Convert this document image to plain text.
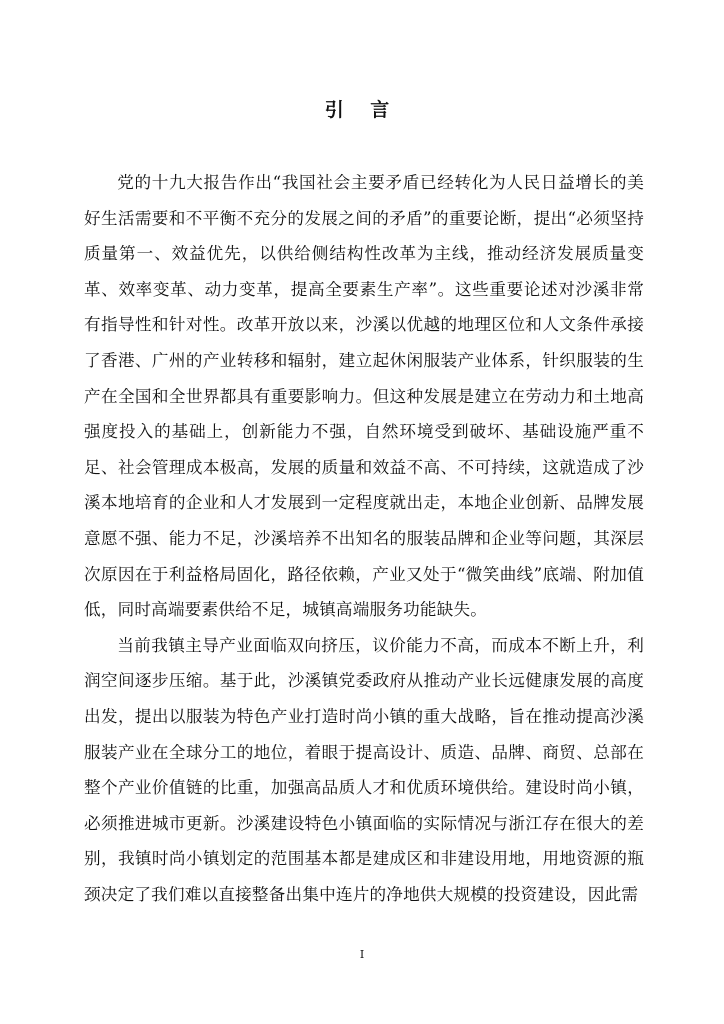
引 言

党的十九大报告作出“我国社会主要矛盾已经转化为人民日益增长的美好生活需要和不平衡不充分的发展之间的矛盾”的重要论断，提出“必须坚持质量第一、效益优先，以供给侧结构性改革为主线，推动经济发展质量变革、效率变革、动力变革，提高全要素生产率”。这些重要论述对沙溪非常有指导性和针对性。改革开放以来，沙溪以优越的地理区位和人文条件承接了香港、广州的产业转移和辐射，建立起休闲服装产业体系，针织服装的生产在全国和全世界都具有重要影响力。但这种发展是建立在劳动力和土地高强度投入的基础上，创新能力不强，自然环境受到破坏、基础设施严重不足、社会管理成本极高，发展的质量和效益不高、不可持续，这就造成了沙溪本地培育的企业和人才发展到一定程度就出走，本地企业创新、品牌发展意愿不强、能力不足，沙溪培养不出知名的服装品牌和企业等问题，其深层次原因在于利益格局固化，路径依赖，产业又处于“微笑曲线”底端、附加值低，同时高端要素供给不足，城镇高端服务功能缺失。

当前我镇主导产业面临双向挤压，议价能力不高，而成本不断上升，利润空间逐步压缩。基于此，沙溪镇党委政府从推动产业长远健康发展的高度出发，提出以服装为特色产业打造时尚小镇的重大战略，旨在推动提高沙溪服装产业在全球分工的地位，着眼于提高设计、质造、品牌、商贸、总部在整个产业价值链的比重，加强高品质人才和优质环境供给。建设时尚小镇，必须推进城市更新。沙溪建设特色小镇面临的实际情况与浙江存在很大的差别，我镇时尚小镇划定的范围基本都是建成区和非建设用地，用地资源的瓶颈决定了我们难以直接整备出集中连片的净地供大规模的投资建设，因此需

I
